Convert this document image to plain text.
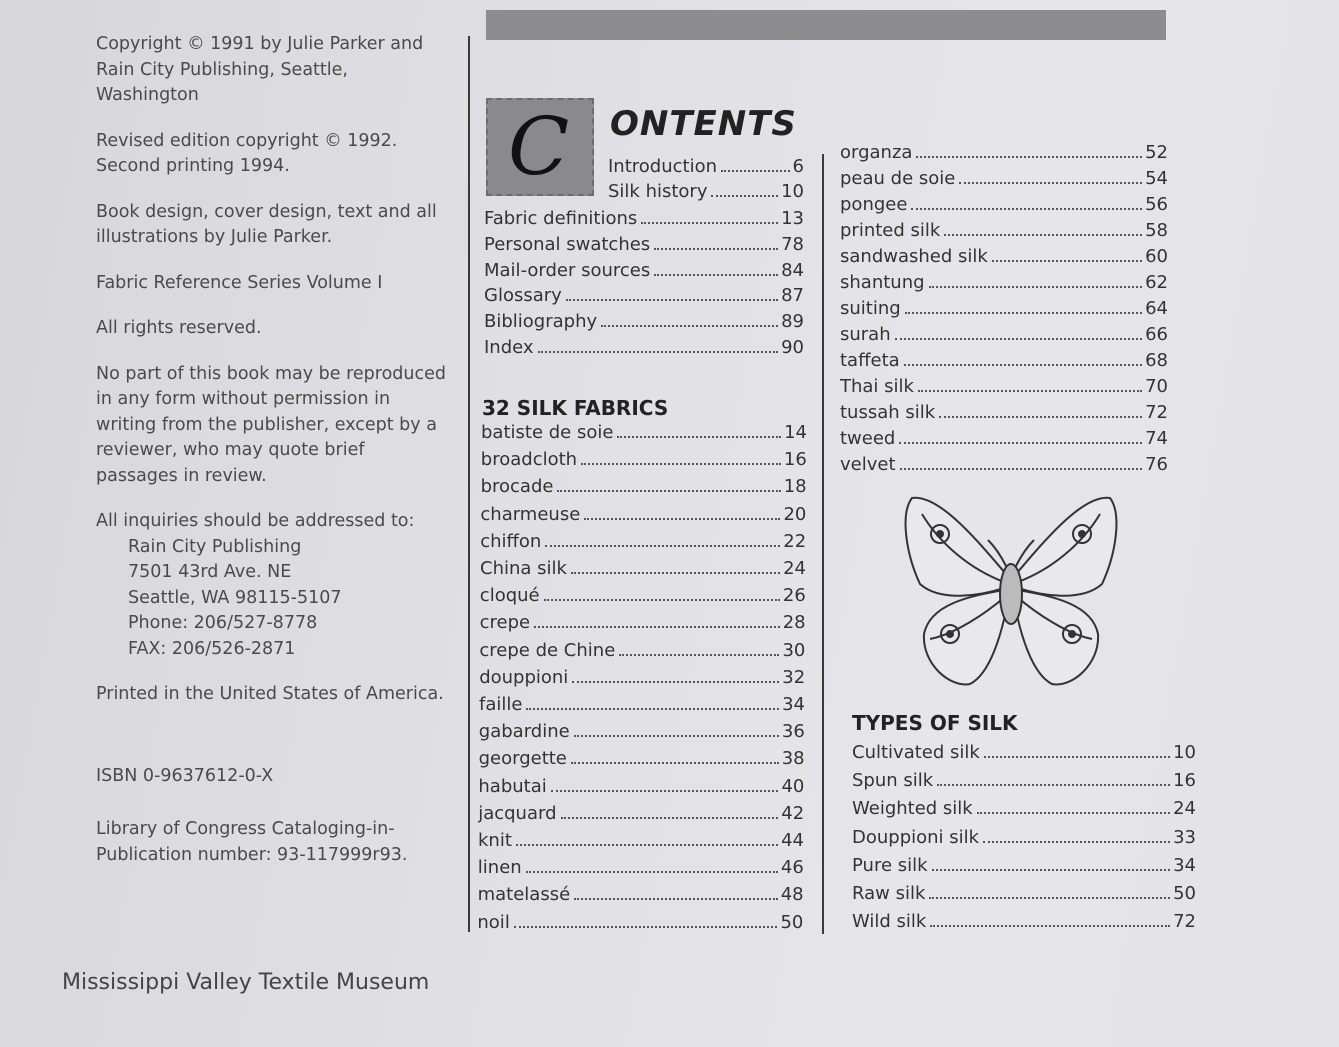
Copyright © 1991 by Julie Parker and Rain City Publishing, Seattle, Washington

Revised edition copyright © 1992. Second printing 1994.

Book design, cover design, text and all illustrations by Julie Parker.

Fabric Reference Series Volume I

All rights reserved.

No part of this book may be reproduced in any form without permission in writing from the publisher, except by a reviewer, who may quote brief passages in review.

All inquiries should be addressed to:
Rain City Publishing
7501 43rd Ave. NE
Seattle, WA 98115-5107
Phone: 206/527-8778
FAX: 206/526-2871

Printed in the United States of America.

ISBN 0-9637612-0-X

Library of Congress Cataloging-in-Publication number: 93-117999r93.

C ONTENTS
Introduction	6
Silk history	10
Fabric definitions	13
Personal swatches	78
Mail-order sources	84
Glossary	87
Bibliography	89
Index	90
32 SILK FABRICS
batiste de soie	14
broadcloth	16
brocade	18
charmeuse	20
chiffon	22
China silk	24
cloqué	26
crepe	28
crepe de Chine	30
douppioni	32
faille	34
gabardine	36
georgette	38
habutai	40
jacquard	42
knit	44
linen	46
matelassé	48
noil	50
organza	52
peau de soie	54
pongee	56
printed silk	58
sandwashed silk	60
shantung	62
suiting	64
surah	66
taffeta	68
Thai silk	70
tussah silk	72
tweed	74
velvet	76
TYPES OF SILK
Cultivated silk	10
Spun silk	16
Weighted silk	24
Douppioni silk	33
Pure silk	34
Raw silk	50
Wild silk	72
Mississippi Valley Textile Museum
